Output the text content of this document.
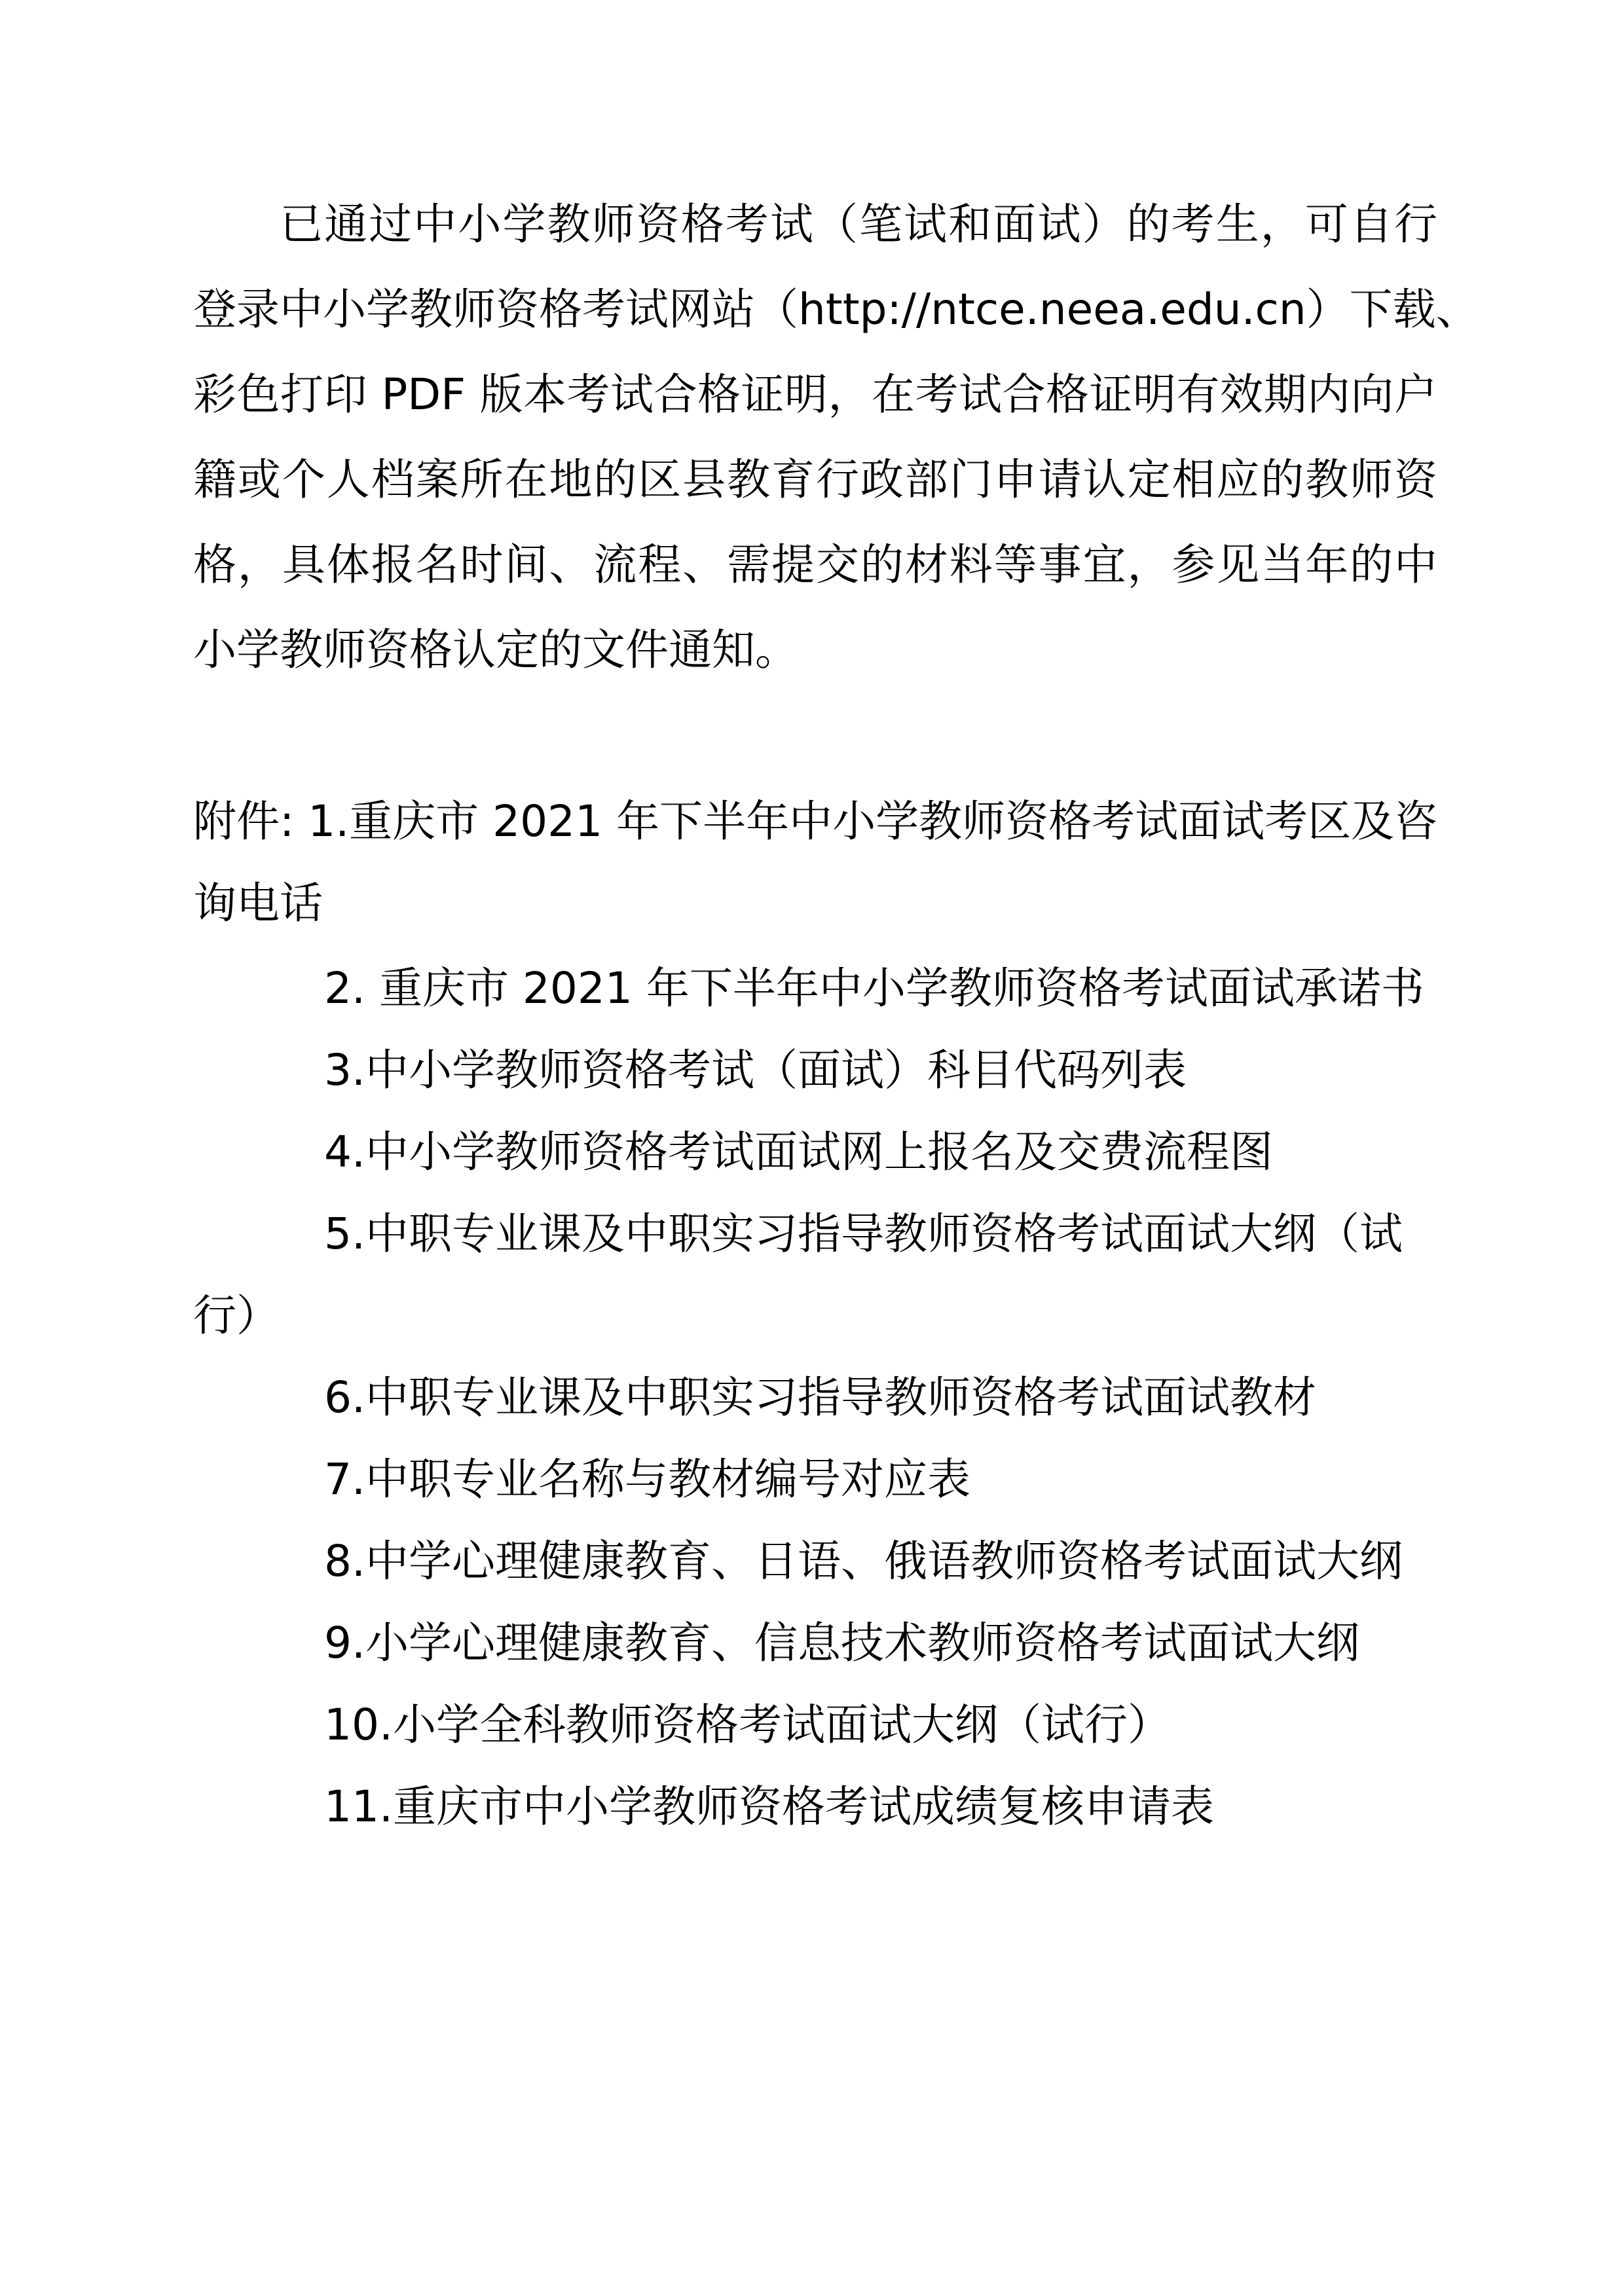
已通过中小学教师资格考试（笔试和面试）的考生，可自行
登录中小学教师资格考试网站（http://ntce.neea.edu.cn）下载、
彩色打印 PDF 版本考试合格证明，在考试合格证明有效期内向户
籍或个人档案所在地的区县教育行政部门申请认定相应的教师资
格，具体报名时间、流程、需提交的材料等事宜，参见当年的中
小学教师资格认定的文件通知。
附件: 1.重庆市 2021 年下半年中小学教师资格考试面试考区及咨
询电话
2. 重庆市 2021 年下半年中小学教师资格考试面试承诺书
3.中小学教师资格考试（面试）科目代码列表
4.中小学教师资格考试面试网上报名及交费流程图
5.中职专业课及中职实习指导教师资格考试面试大纲（试
行）
6.中职专业课及中职实习指导教师资格考试面试教材
7.中职专业名称与教材编号对应表
8.中学心理健康教育、日语、俄语教师资格考试面试大纲
9.小学心理健康教育、信息技术教师资格考试面试大纲
10.小学全科教师资格考试面试大纲（试行）
11.重庆市中小学教师资格考试成绩复核申请表
